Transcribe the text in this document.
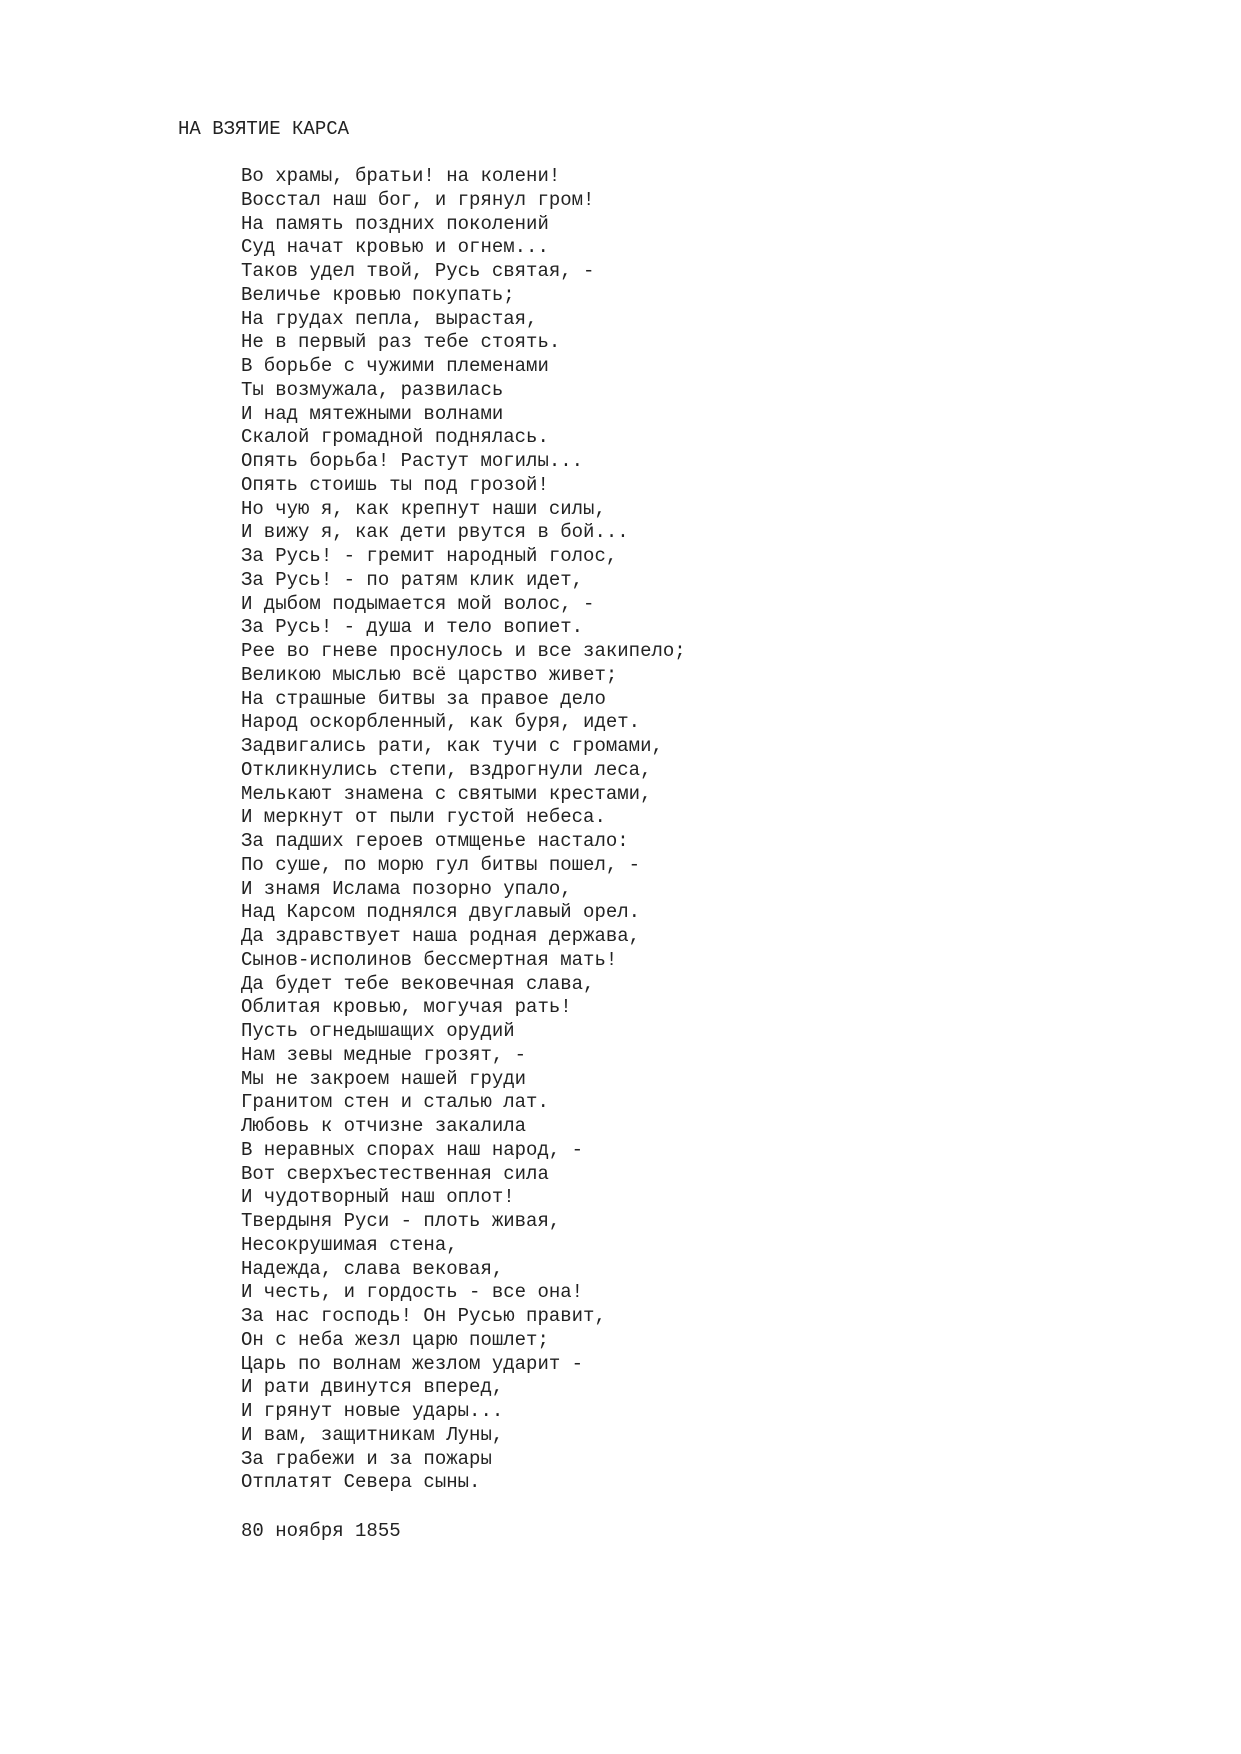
НА ВЗЯТИЕ КАРСА
Во храмы, братьи! на колени!
Восстал наш бог, и грянул гром!
На память поздних поколений
Суд начат кровью и огнем...
Таков удел твой, Русь святая, -
Величье кровью покупать;
На грудах пепла, вырастая,
Не в первый раз тебе стоять.
В борьбе с чужими племенами
Ты возмужала, развилась
И над мятежными волнами
Скалой громадной поднялась.
Опять борьба! Растут могилы...
Опять стоишь ты под грозой!
Но чую я, как крепнут наши силы,
И вижу я, как дети рвутся в бой...
За Русь! - гремит народный голос,
За Русь! - по ратям клик идет,
И дыбом подымается мой волос, -
За Русь! - душа и тело вопиет.
Рее во гневе проснулось и все закипело;
Великою мыслью всё царство живет;
На страшные битвы за правое дело
Народ оскорбленный, как буря, идет.
Задвигались рати, как тучи с громами,
Откликнулись степи, вздрогнули леса,
Мелькают знамена с святыми крестами,
И меркнут от пыли густой небеса.
За падших героев отмщенье настало:
По суше, по морю гул битвы пошел, -
И знамя Ислама позорно упало,
Над Карсом поднялся двуглавый орел.
Да здравствует наша родная держава,
Сынов-исполинов бессмертная мать!
Да будет тебе вековечная слава,
Облитая кровью, могучая рать!
Пусть огнедышащих орудий
Нам зевы медные грозят, -
Мы не закроем нашей груди
Гранитом стен и сталью лат.
Любовь к отчизне закалила
В неравных спорах наш народ, -
Вот сверхъестественная сила
И чудотворный наш оплот!
Твердыня Руси - плоть живая,
Несокрушимая стена,
Надежда, слава вековая,
И честь, и гордость - все она!
За нас господь! Он Русью правит,
Он с неба жезл царю пошлет;
Царь по волнам жезлом ударит -
И рати двинутся вперед,
И грянут новые удары...
И вам, защитникам Луны,
За грабежи и за пожары
Отплатят Севера сыны.
80 ноября 1855
